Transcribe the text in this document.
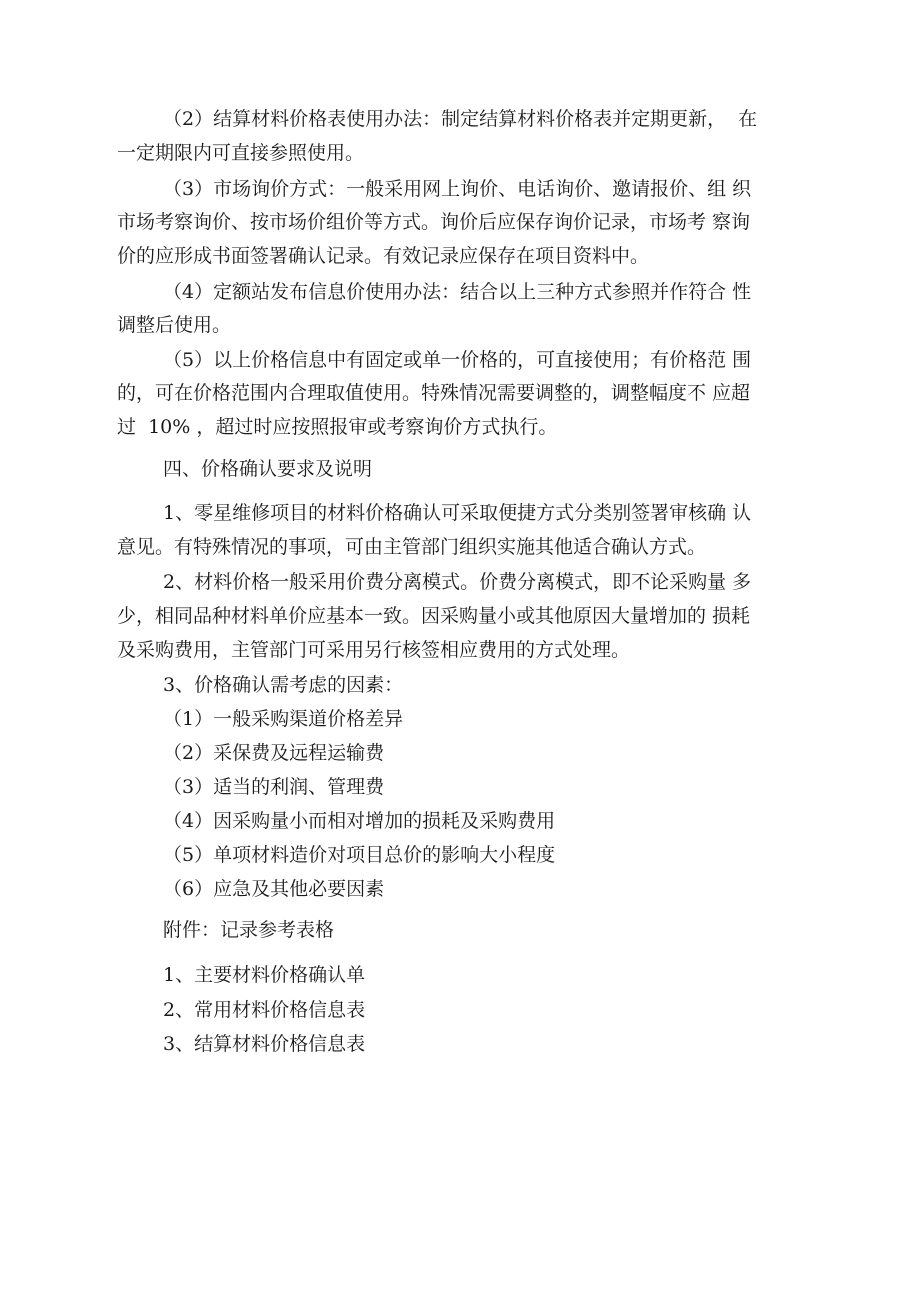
（2）结算材料价格表使用办法：制定结算材料价格表并定期更新，  在
一定期限内可直接参照使用。
（3）市场询价方式：一般采用网上询价、电话询价、邀请报价、组 织
市场考察询价、按市场价组价等方式。询价后应保存询价记录，市场考 察询
价的应形成书面签署确认记录。有效记录应保存在项目资料中。
（4）定额站发布信息价使用办法：结合以上三种方式参照并作符合 性
调整后使用。
（5）以上价格信息中有固定或单一价格的，可直接使用；有价格范 围
的，可在价格范围内合理取值使用。特殊情况需要调整的，调整幅度不 应超
过  10% ，超过时应按照报审或考察询价方式执行。
四、价格确认要求及说明
1、零星维修项目的材料价格确认可采取便捷方式分类别签署审核确 认
意见。有特殊情况的事项，可由主管部门组织实施其他适合确认方式。
2、材料价格一般采用价费分离模式。价费分离模式，即不论采购量 多
少，相同品种材料单价应基本一致。因采购量小或其他原因大量增加的 损耗
及采购费用，主管部门可采用另行核签相应费用的方式处理。
3、价格确认需考虑的因素：
（1）一般采购渠道价格差异
（2）采保费及远程运输费
（3）适当的利润、管理费
（4）因采购量小而相对增加的损耗及采购费用
（5）单项材料造价对项目总价的影响大小程度
（6）应急及其他必要因素
附件：记录参考表格
1、主要材料价格确认单
2、常用材料价格信息表
3、结算材料价格信息表
